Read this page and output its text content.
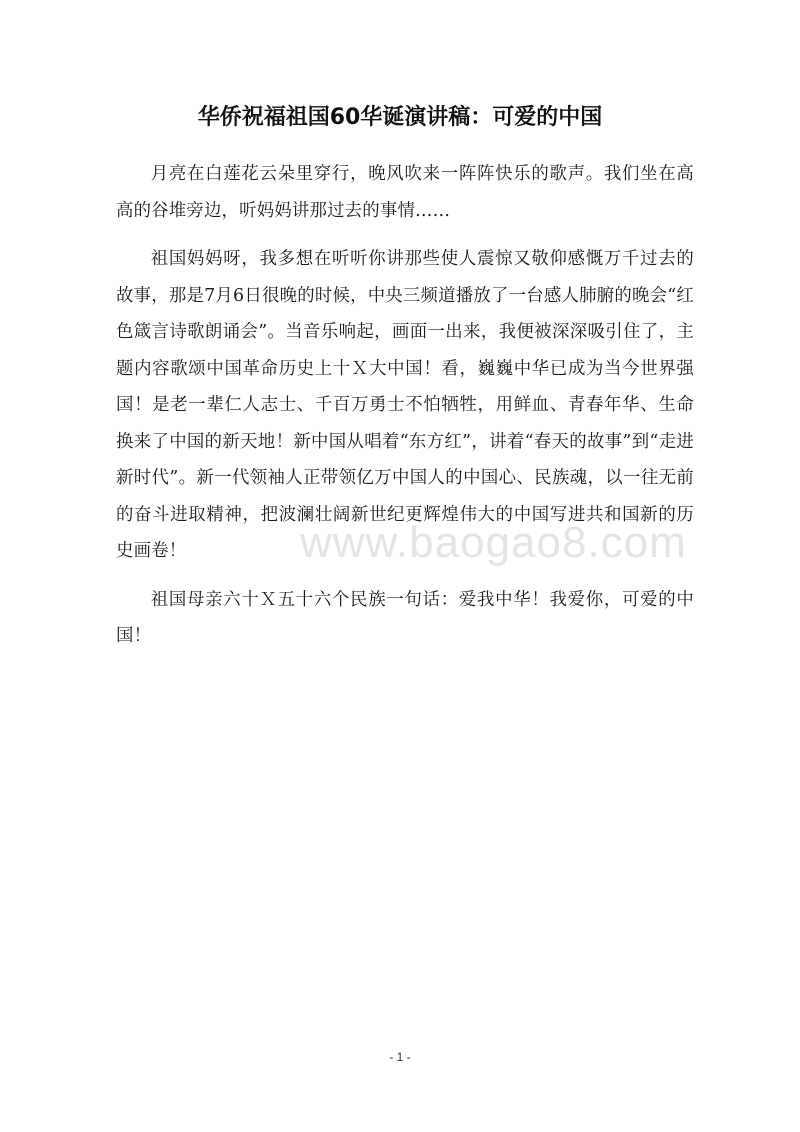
www.baogao8.com
华侨祝福祖国60华诞演讲稿：可爱的中国

月亮在白莲花云朵里穿行，晚风吹来一阵阵快乐的歌声。我们坐在高高的谷堆旁边，听妈妈讲那过去的事情……

祖国妈妈呀，我多想在听听你讲那些使人震惊又敬仰感慨万千过去的故事，那是7月6日很晚的时候，中央三频道播放了一台感人肺腑的晚会“红色箴言诗歌朗诵会”。当音乐响起，画面一出来，我便被深深吸引住了，主题内容歌颂中国革命历史上十Ｘ大中国！看，巍巍中华已成为当今世界强国！是老一辈仁人志士、千百万勇士不怕牺牲，用鲜血、青春年华、生命换来了中国的新天地！新中国从唱着“东方红”，讲着“春天的故事”到“走进新时代”。新一代领袖人正带领亿万中国人的中国心、民族魂，以一往无前的奋斗进取精神，把波澜壮阔新世纪更辉煌伟大的中国写进共和国新的历史画卷！

祖国母亲六十Ｘ五十六个民族一句话：爱我中华！我爱你，可爱的中国！

- 1 -
